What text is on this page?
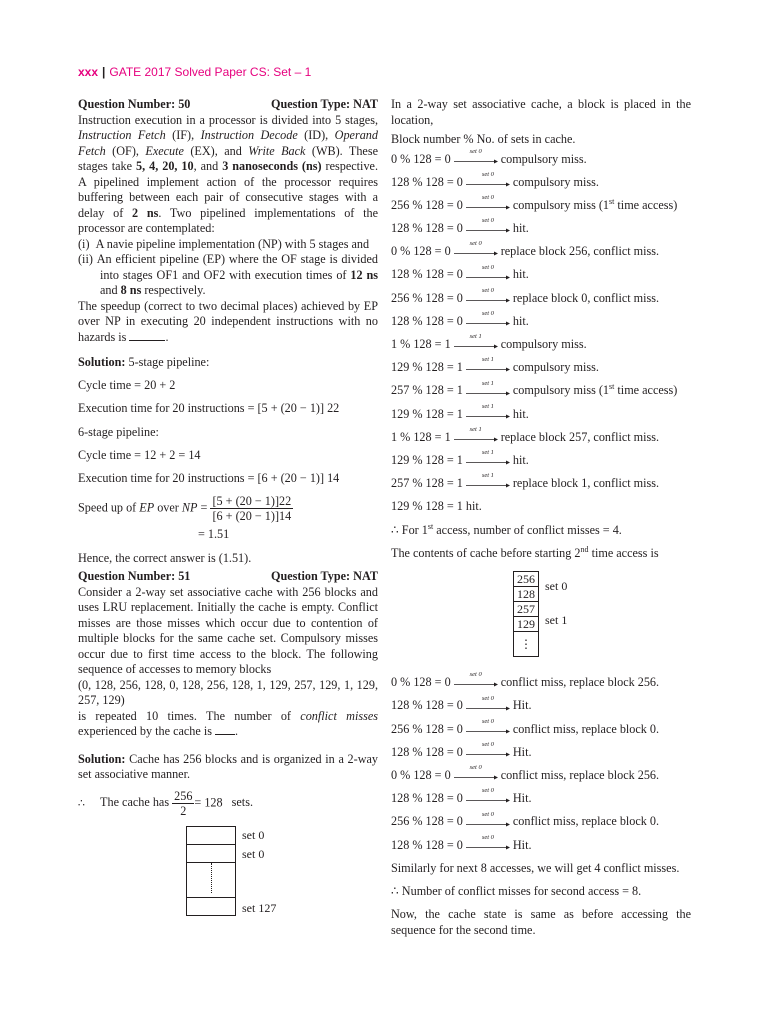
xxx | GATE 2017 Solved Paper CS: Set – 1
Question Number: 50	Question Type: NAT

Instruction execution in a processor is divided into 5 stages, Instruction Fetch (IF), Instruction Decode (ID), Operand Fetch (OF), Execute (EX), and Write Back (WB). These stages take 5, 4, 20, 10, and 3 nanoseconds (ns) respective. A pipelined implement action of the processor requires buffering between each pair of consecutive stages with a delay of 2 ns. Two pipelined implementations of the processor are contemplated:

(i)  A navie pipeline implementation (NP) with 5 stages and

(ii) An efficient pipeline (EP) where the OF stage is divided into stages OF1 and OF2 with execution times of 12 ns and 8 ns respectively.

The speedup (correct to two decimal places) achieved by EP over NP in executing 20 independent instructions with no hazards is	.

Solution: 5-stage pipeline:

Cycle time = 20 + 2

Execution time for 20 instructions = [5 + (20 − 1)] 22

6-stage pipeline:

Cycle time = 12 + 2 = 14

Execution time for 20 instructions = [6 + (20 − 1)] 14

Speed up of EP over NP = $\frac{[5 + (20 - 1)]22}{[6 + (20 - 1)]14}$

= 1.51

Hence, the correct answer is (1.51).

Question Number: 51	Question Type: NAT

Consider a 2-way set associative cache with 256 blocks and uses LRU replacement. Initially the cache is empty. Conflict misses are those misses which occur due to contention of multiple blocks for the same cache set. Compulsory misses occur due to first time access to the block. The following sequence of accesses to memory blocks

(0, 128, 256, 128, 0, 128, 256, 128, 1, 129, 257, 129, 1, 129, 257, 129)

is repeated 10 times. The number of conflict misses experienced by the cache is .

Solution: Cache has 256 blocks and is organized in a 2-way set associative manner.

∴ The cache has $\frac{256}{2} = 128$ sets.

set 0
set 0
set 127

In a 2-way set associative cache, a block is placed in the location,

Block number % No. of sets in cache.

0 % 128 = 0
set 0
compulsory miss.
128 % 128 = 0
set 0
compulsory miss.
256 % 128 = 0
set 0
compulsory miss (1st time access)
128 % 128 = 0
set 0
hit.
0 % 128 = 0
set 0
replace block 256, conflict miss.
128 % 128 = 0
set 0
hit.
256 % 128 = 0
set 0
replace block 0, conflict miss.
128 % 128 = 0
set 0
hit.
1 % 128 = 1
set 1
compulsory miss.
129 % 128 = 1
set 1
compulsory miss.
257 % 128 = 1
set 1
compulsory miss (1st time access)
129 % 128 = 1
set 1
hit.
1 % 128 = 1
set 1
replace block 257, conflict miss.
129 % 128 = 1
set 1
hit.
257 % 128 = 1
set 1
replace block 1, conflict miss.

129 % 128 = 1 hit.

∴ For 1st access, number of conflict misses = 4.

The contents of cache before starting 2nd time access is

256
128
257
129
⋮
set 0
set 1
0 % 128 = 0
set 0
conflict miss, replace block 256.
128 % 128 = 0
set 0
Hit.
256 % 128 = 0
set 0
conflict miss, replace block 0.
128 % 128 = 0
set 0
Hit.
0 % 128 = 0
set 0
conflict miss, replace block 256.
128 % 128 = 0
set 0
Hit.
256 % 128 = 0
set 0
conflict miss, replace block 0.
128 % 128 = 0
set 0
Hit.

Similarly for next 8 accesses, we will get 4 conflict misses.

∴ Number of conflict misses for second access = 8.

Now, the cache state is same as before accessing the sequence for the second time.
